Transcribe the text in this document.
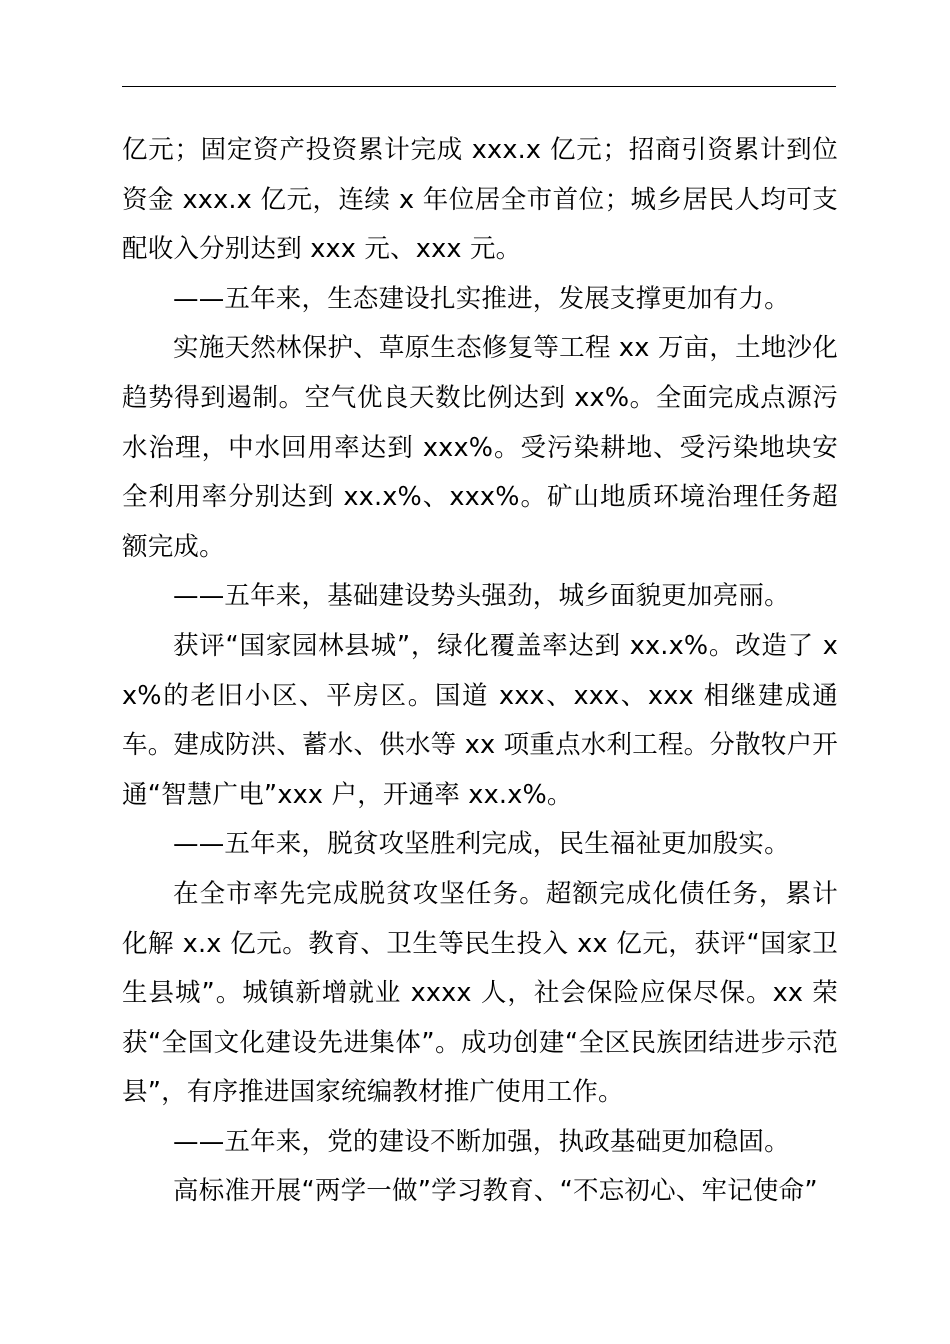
亿元；固定资产投资累计完成 xxx.x 亿元；招商引资累计到位资金 xxx.x 亿元，连续 x 年位居全市首位；城乡居民人均可支配收入分别达到 xxx 元、xxx 元。

——五年来，生态建设扎实推进，发展支撑更加有力。

实施天然林保护、草原生态修复等工程 xx 万亩，土地沙化趋势得到遏制。空气优良天数比例达到 xx%。全面完成点源污水治理，中水回用率达到 xxx%。受污染耕地、受污染地块安全利用率分别达到 xx.x%、xxx%。矿山地质环境治理任务超额完成。

——五年来，基础建设势头强劲，城乡面貌更加亮丽。

获评“国家园林县城”，绿化覆盖率达到 xx.x%。改造了 xx%的老旧小区、平房区。国道 xxx、xxx、xxx 相继建成通车。建成防洪、蓄水、供水等 xx 项重点水利工程。分散牧户开通“智慧广电”xxx 户，开通率 xx.x%。

——五年来，脱贫攻坚胜利完成，民生福祉更加殷实。

在全市率先完成脱贫攻坚任务。超额完成化债任务，累计化解 x.x 亿元。教育、卫生等民生投入 xx 亿元，获评“国家卫生县城”。城镇新增就业 xxxx 人，社会保险应保尽保。xx 荣获“全国文化建设先进集体”。成功创建“全区民族团结进步示范县”，有序推进国家统编教材推广使用工作。

——五年来，党的建设不断加强，执政基础更加稳固。

高标准开展“两学一做”学习教育、“不忘初心、牢记使命”
